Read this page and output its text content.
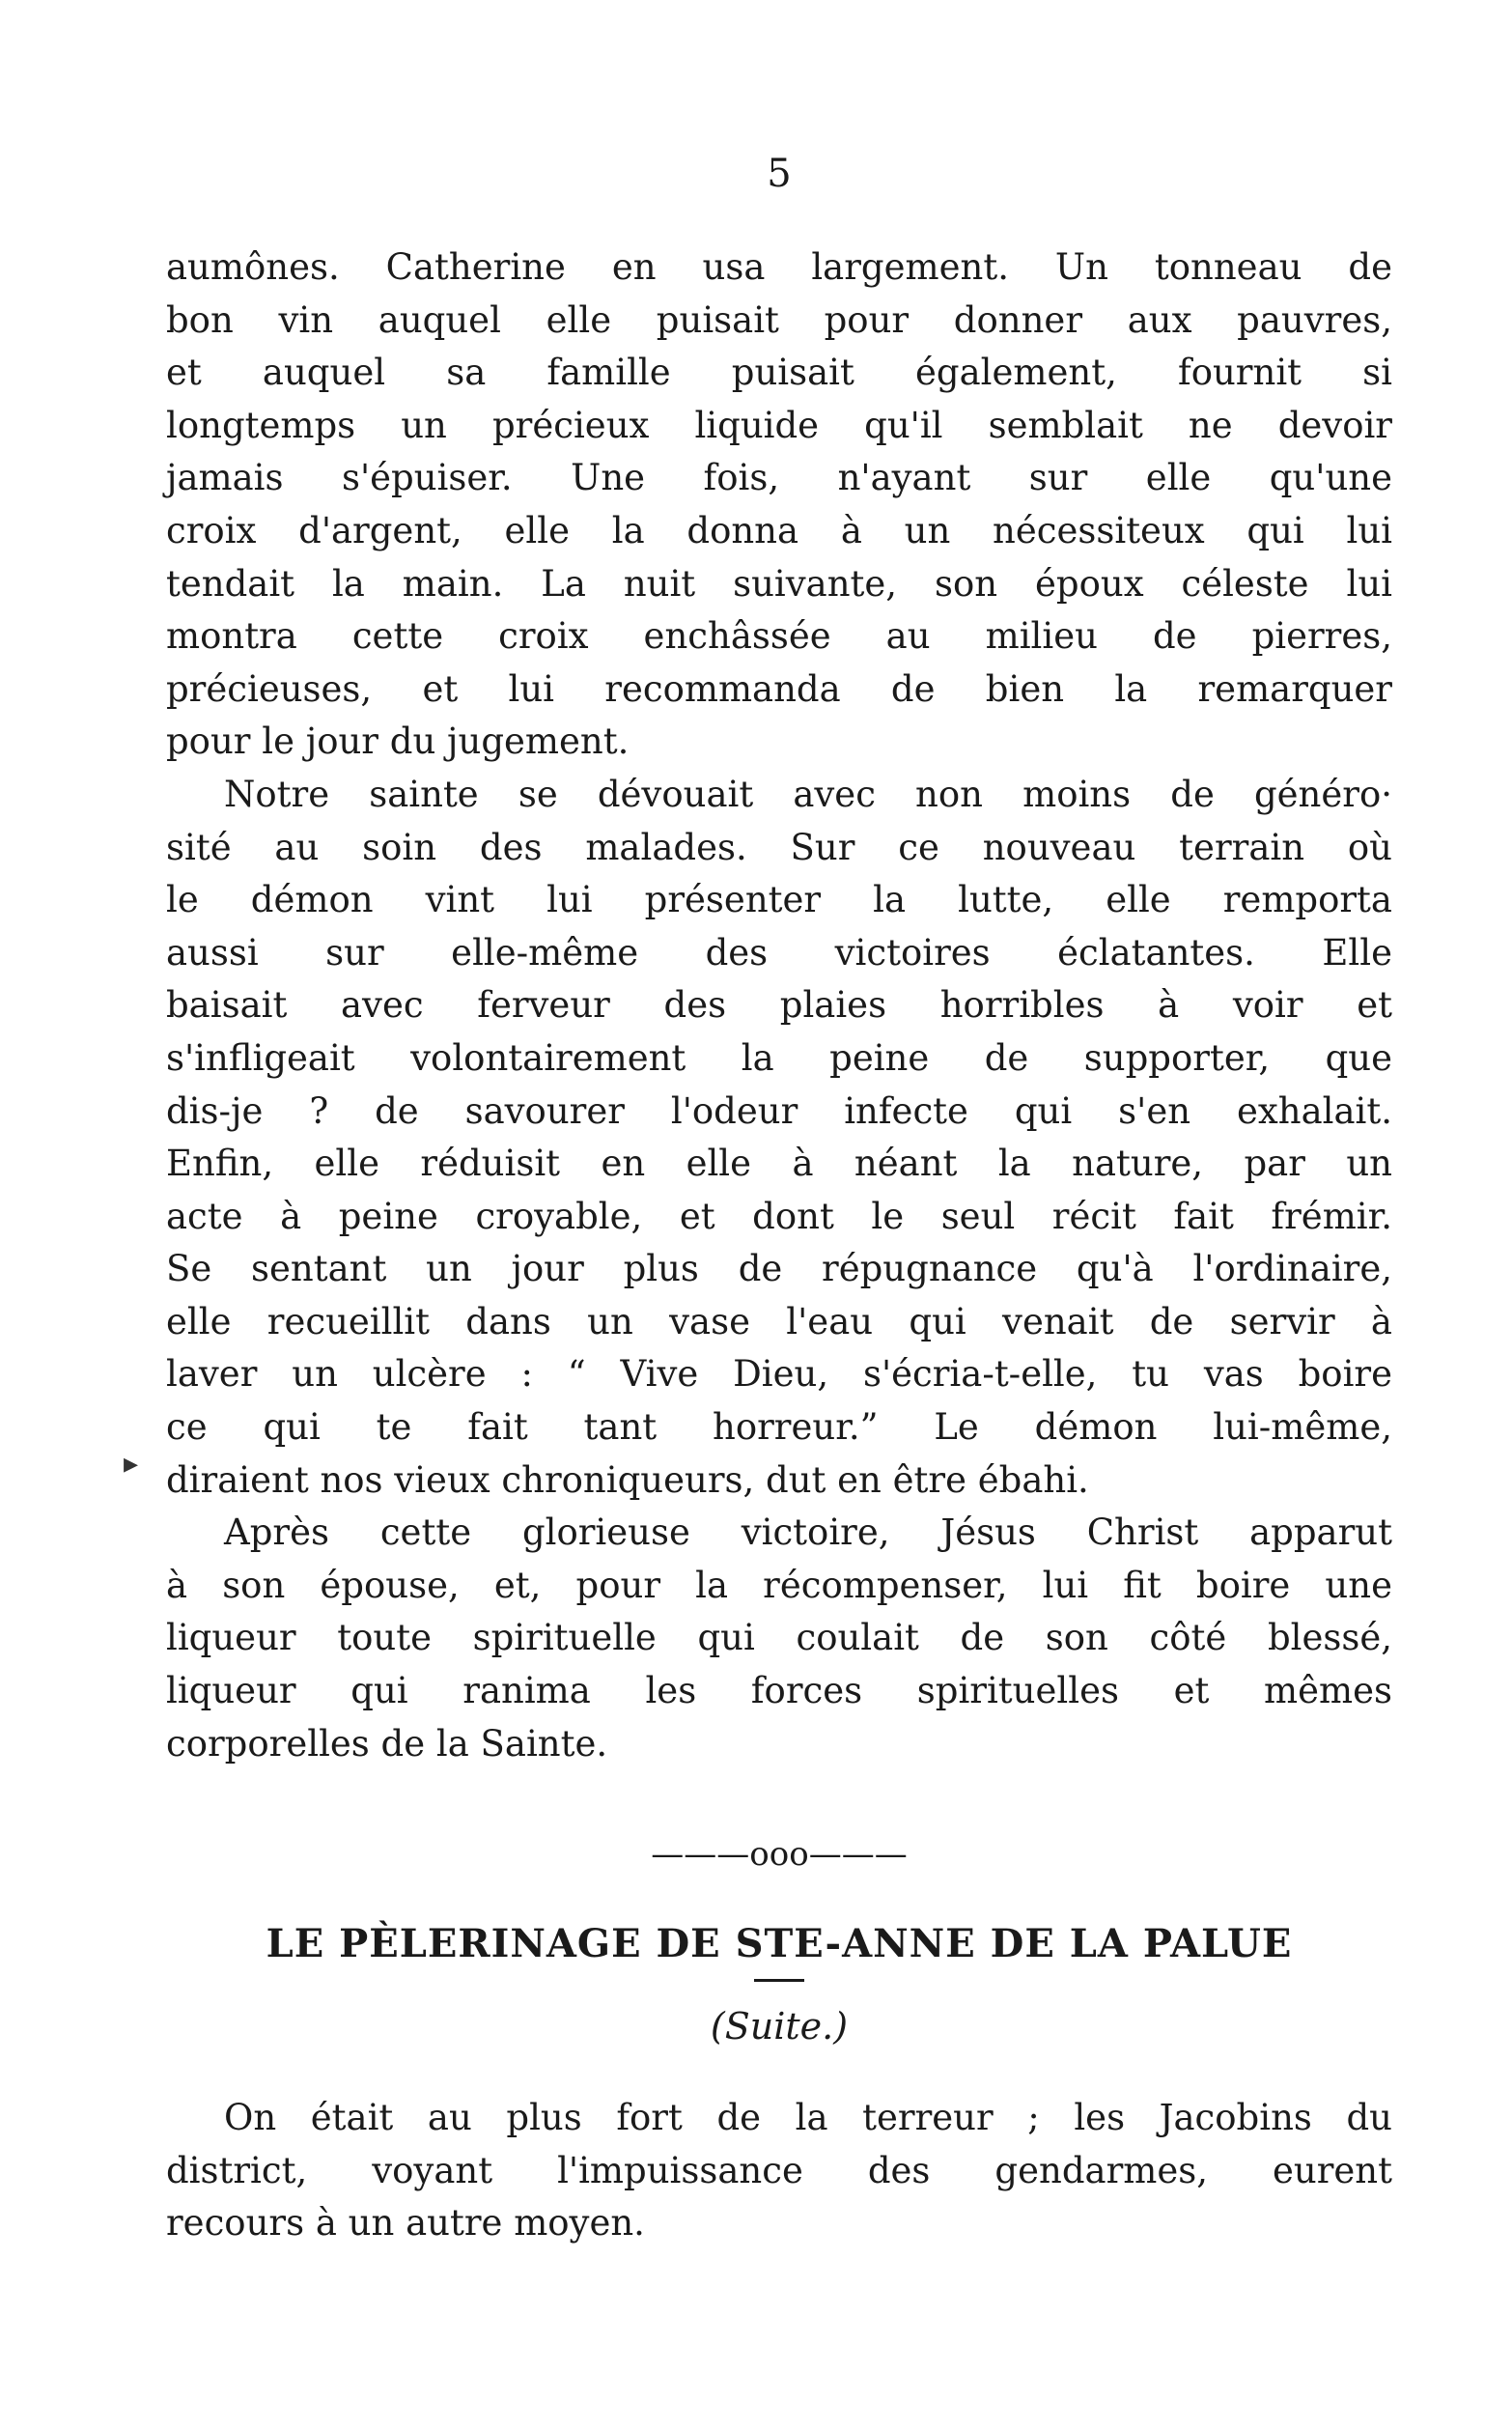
5

aumônes. Catherine en usa largement. Un tonneau de
bon vin auquel elle puisait pour donner aux pauvres,
et auquel sa famille puisait également, fournit si
longtemps un précieux liquide qu'il semblait ne devoir
jamais s'épuiser. Une fois, n'ayant sur elle qu'une
croix d'argent, elle la donna à un nécessiteux qui lui
tendait la main. La nuit suivante, son époux céleste lui
montra cette croix enchâssée au milieu de pierres,
précieuses, et lui recommanda de bien la remarquer
pour le jour du jugement.

Notre sainte se dévouait avec non moins de généro·
sité au soin des malades. Sur ce nouveau terrain où
le démon vint lui présenter la lutte, elle remporta
aussi sur elle-même des victoires éclatantes. Elle
baisait avec ferveur des plaies horribles à voir et
s'infligeait volontairement la peine de supporter, que
dis-je ? de savourer l'odeur infecte qui s'en exhalait.
Enfin, elle réduisit en elle à néant la nature, par un
acte à peine croyable, et dont le seul récit fait frémir.
Se sentant un jour plus de répugnance qu'à l'ordinaire,
elle recueillit dans un vase l'eau qui venait de servir à
laver un ulcère : “ Vive Dieu, s'écria-t-elle, tu vas boire
ce qui te fait tant horreur.” Le démon lui-même,
diraient nos vieux chroniqueurs, dut en être ébahi.

Après cette glorieuse victoire, Jésus Christ apparut
à son épouse, et, pour la récompenser, lui fit boire une
liqueur toute spirituelle qui coulait de son côté blessé,
liqueur qui ranima les forces spirituelles et mêmes
corporelles de la Sainte.

———ooo———
LE PÈLERINAGE DE STE-ANNE DE LA PALUE
(Suite.)

On était au plus fort de la terreur ; les Jacobins du
district, voyant l'impuissance des gendarmes, eurent
recours à un autre moyen.

▸
